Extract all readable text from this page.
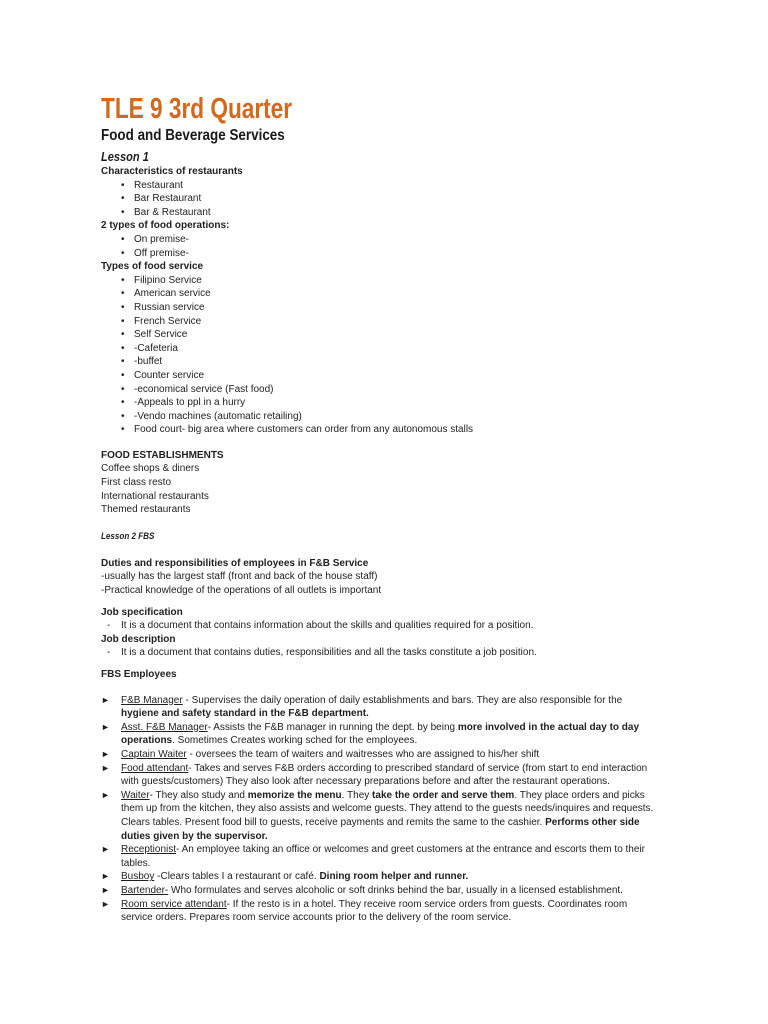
TLE 9 3rd Quarter
Food and Beverage Services
Lesson 1
Characteristics of restaurants
• Restaurant
• Bar Restaurant
• Bar & Restaurant
2 types of food operations:
• On premise-
• Off premise-
Types of food service
• Filipino Service
• American service
• Russian service
• French Service
• Self Service
• -Cafeteria
• -buffet
• Counter service
• -economical service (Fast food)
• -Appeals to ppl in a hurry
• -Vendo machines (automatic retailing)
• Food court- big area where customers can order from any autonomous stalls
FOOD ESTABLISHMENTS
Coffee shops & diners
First class resto
International restaurants
Themed restaurants
Lesson 2 FBS
Duties and responsibilities of employees in F&B Service
-usually has the largest staff (front and back of the house staff)
-Practical knowledge of the operations of all outlets is important
Job specification
- It is a document that contains information about the skills and qualities required for a position.
Job description
- It is a document that contains duties, responsibilities and all the tasks constitute a job position.
FBS Employees
► F&B Manager - Supervises the daily operation of daily establishments and bars. They are also responsible for the hygiene and safety standard in the F&B department.
► Asst. F&B Manager- Assists the F&B manager in running the dept. by being more involved in the actual day to day operations. Sometimes Creates working sched for the employees.
► Captain Waiter - oversees the team of waiters and waitresses who are assigned to his/her shift
► Food attendant- Takes and serves F&B orders according to prescribed standard of service (from start to end interaction with guests/customers) They also look after necessary preparations before and after the restaurant operations.
► Waiter- They also study and memorize the menu. They take the order and serve them. They place orders and picks them up from the kitchen, they also assists and welcome guests. They attend to the guests needs/inquires and requests. Clears tables. Present food bill to guests, receive payments and remits the same to the cashier. Performs other side duties given by the supervisor.
► Receptionist- An employee taking an office or welcomes and greet customers at the entrance and escorts them to their tables.
► Busboy -Clears tables I a restaurant or café. Dining room helper and runner.
► Bartender- Who formulates and serves alcoholic or soft drinks behind the bar, usually in a licensed establishment.
► Room service attendant- If the resto is in a hotel. They receive room service orders from guests. Coordinates room service orders. Prepares room service accounts prior to the delivery of the room service.
